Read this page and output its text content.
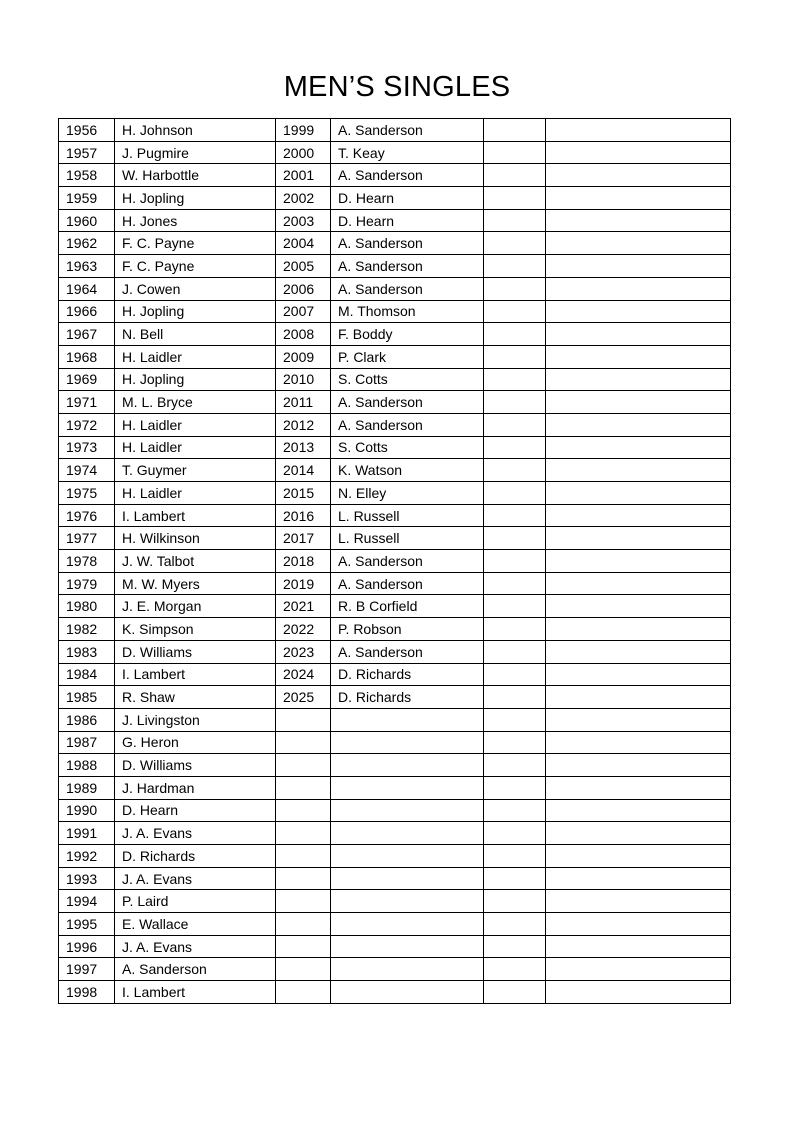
MEN’S SINGLES
1956	H. Johnson	1999	A. Sanderson		
1957	J. Pugmire	2000	T. Keay		
1958	W. Harbottle	2001	A. Sanderson		
1959	H. Jopling	2002	D. Hearn		
1960	H. Jones	2003	D. Hearn		
1962	F. C. Payne	2004	A. Sanderson		
1963	F. C. Payne	2005	A. Sanderson		
1964	J. Cowen	2006	A. Sanderson		
1966	H. Jopling	2007	M. Thomson		
1967	N. Bell	2008	F. Boddy		
1968	H. Laidler	2009	P. Clark		
1969	H. Jopling	2010	S. Cotts		
1971	M. L. Bryce	2011	A. Sanderson		
1972	H. Laidler	2012	A. Sanderson		
1973	H. Laidler	2013	S. Cotts		
1974	T. Guymer	2014	K. Watson		
1975	H. Laidler	2015	N. Elley		
1976	I. Lambert	2016	L. Russell		
1977	H. Wilkinson	2017	L. Russell		
1978	J. W. Talbot	2018	A. Sanderson		
1979	M. W. Myers	2019	A. Sanderson		
1980	J. E. Morgan	2021	R. B Corfield		
1982	K. Simpson	2022	P. Robson		
1983	D. Williams	2023	A. Sanderson		
1984	I. Lambert	2024	D. Richards		
1985	R. Shaw	2025	D. Richards		
1986	J. Livingston				
1987	G. Heron				
1988	D. Williams				
1989	J. Hardman				
1990	D. Hearn				
1991	J. A. Evans				
1992	D. Richards				
1993	J. A. Evans				
1994	P. Laird				
1995	E. Wallace				
1996	J. A. Evans				
1997	A. Sanderson				
1998	I. Lambert				
